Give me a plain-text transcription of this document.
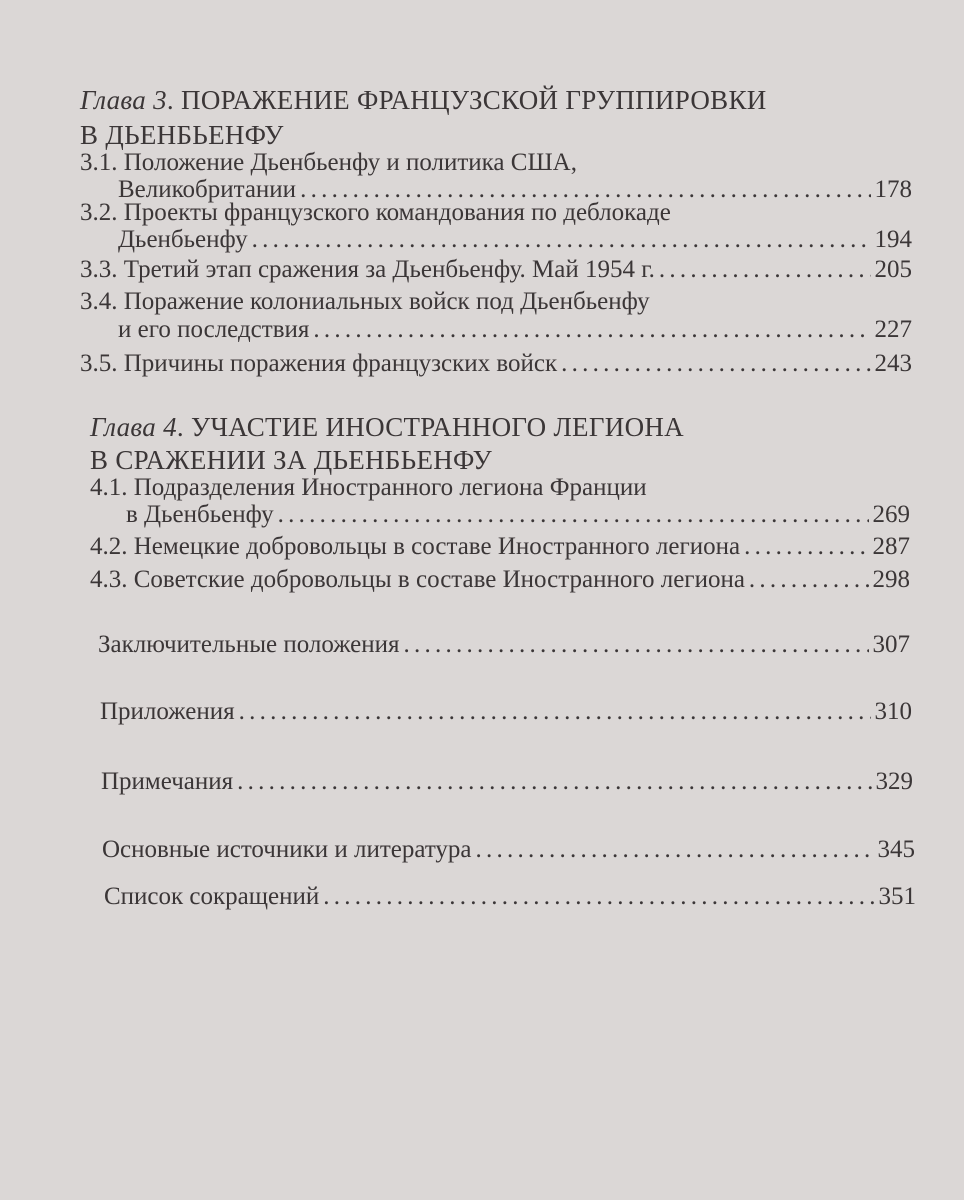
Глава 3. ПОРАЖЕНИЕ ФРАНЦУЗСКОЙ ГРУППИРОВКИ
В ДЬЕНБЬЕНФУ
3.1. Положение Дьенбьенфу и политика США,
Великобритании . . .	178
3.2. Проекты французского командования по деблокаде
Дьенбьенфу . . .	194
3.3. Третий этап сражения за Дьенбьенфу. Май 1954 г. . . .	205
3.4. Поражение колониальных войск под Дьенбьенфу
и его последствия . . .	227
3.5. Причины поражения французских войск . . .	243
Глава 4. УЧАСТИЕ ИНОСТРАННОГО ЛЕГИОНА
В СРАЖЕНИИ ЗА ДЬЕНБЬЕНФУ
4.1. Подразделения Иностранного легиона Франции
в Дьенбьенфу . . .	269
4.2. Немецкие добровольцы в составе Иностранного легиона . . .	287
4.3. Советские добровольцы в составе Иностранного легиона . . .	298
Заключительные положения . . .	307
Приложения . . .	310
Примечания . . .	329
Основные источники и литература . . .	345
Список сокращений . . .	351
